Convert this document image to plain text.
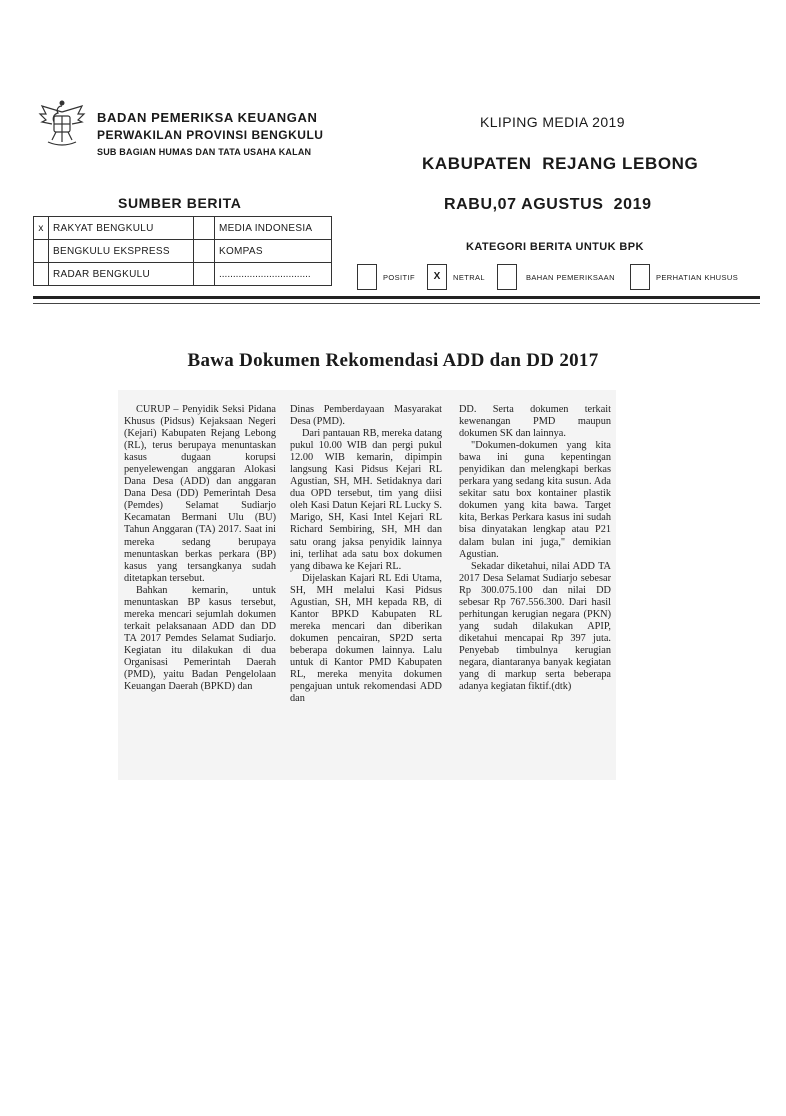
BADAN PEMERIKSA KEUANGAN
PERWAKILAN PROVINSI BENGKULU
SUB BAGIAN HUMAS DAN TATA USAHA KALAN
KLIPING MEDIA 2019
KABUPATEN  REJANG LEBONG
RABU,07 AGUSTUS  2019
SUMBER BERITA
x	RAKYAT BENGKULU		MEDIA INDONESIA
	BENGKULU EKSPRESS		KOMPAS
	RADAR BENGKULU		.................................
KATEGORI BERITA UNTUK BPK
POSITIF	X	NETRAL	BAHAN PEMERIKSAAN	PERHATIAN KHUSUS
Bawa Dokumen Rekomendasi ADD dan DD 2017

CURUP – Penyidik Seksi Pidana Khusus (Pidsus) Kejaksaan Negeri (Kejari) Kabupaten Rejang Lebong (RL), terus berupaya menuntaskan kasus dugaan korupsi penyelewengan anggaran Alokasi Dana Desa (ADD) dan anggaran Dana Desa (DD) Pemerintah Desa (Pemdes) Selamat Sudiarjo Kecamatan Bermani Ulu (BU) Tahun Anggaran (TA) 2017. Saat ini mereka sedang berupaya menuntaskan berkas perkara (BP) kasus yang tersangkanya sudah ditetapkan tersebut.

Bahkan kemarin, untuk menuntaskan BP kasus tersebut, mereka mencari sejumlah dokumen terkait pelaksanaan ADD dan DD TA 2017 Pemdes Selamat Sudiarjo. Kegiatan itu dilakukan di dua Organisasi Pemerintah Daerah (PMD), yaitu Badan Pengelolaan Keuangan Daerah (BPKD) dan

Dinas Pemberdayaan Masyarakat Desa (PMD).

Dari pantauan RB, mereka datang pukul 10.00 WIB dan pergi pukul 12.00 WIB kemarin, dipimpin langsung Kasi Pidsus Kejari RL Agustian, SH, MH. Setidaknya dari dua OPD tersebut, tim yang diisi oleh Kasi Datun Kejari RL Lucky S. Marigo, SH, Kasi Intel Kejari RL Richard Sembiring, SH, MH dan satu orang jaksa penyidik lainnya ini, terlihat ada satu box dokumen yang dibawa ke Kejari RL.

Dijelaskan Kajari RL Edi Utama, SH, MH melalui Kasi Pidsus Agustian, SH, MH kepada RB, di Kantor BPKD Kabupaten RL mereka mencari dan diberikan dokumen pencairan, SP2D serta beberapa dokumen lainnya. Lalu untuk di Kantor PMD Kabupaten RL, mereka menyita dokumen pengajuan untuk rekomendasi ADD dan

DD. Serta dokumen terkait kewenangan PMD maupun dokumen SK dan lainnya.

"Dokumen-dokumen yang kita bawa ini guna kepentingan penyidikan dan melengkapi berkas perkara yang sedang kita susun. Ada sekitar satu box kontainer plastik dokumen yang kita bawa. Target kita, Berkas Perkara kasus ini sudah bisa dinyatakan lengkap atau P21 dalam bulan ini juga," demikian Agustian.

Sekadar diketahui, nilai ADD TA 2017 Desa Selamat Sudiarjo sebesar Rp 300.075.100 dan nilai DD sebesar Rp 767.556.300. Dari hasil perhitungan kerugian negara (PKN) yang sudah dilakukan APIP, diketahui mencapai Rp 397 juta. Penyebab timbulnya kerugian negara, diantaranya banyak kegiatan yang di markup serta beberapa adanya kegiatan fiktif.(dtk)
